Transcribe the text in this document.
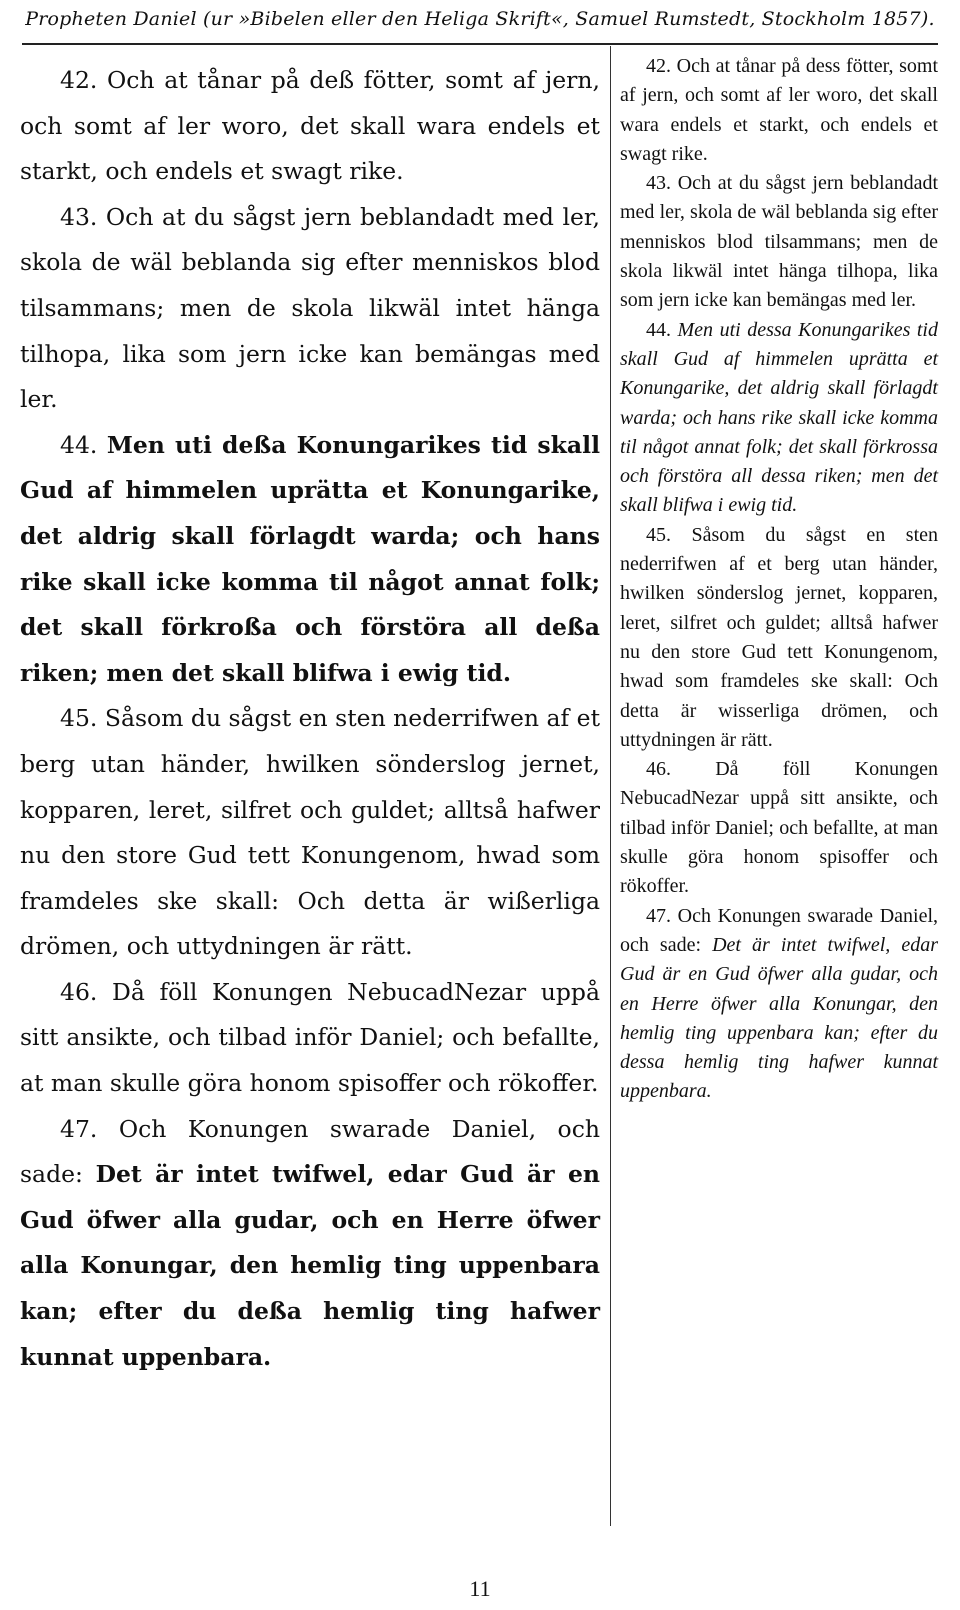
Propheten Daniel (ur »Bibelen eller den Heliga Skrift«, Samuel Rumstedt, Stockholm 1857).

42. Och at tånar på deß fötter, somt af jern, och somt af ler woro, det skall wara endels et starkt, och endels et swagt rike.

43. Och at du sågst jern beblandadt med ler, skola de wäl beblanda sig efter menniskos blod tilsammans; men de skola likwäl intet hänga tilhopa, lika som jern icke kan bemängas med ler.

44. Men uti deßa Konungarikes tid skall Gud af himmelen uprätta et Konungarike, det aldrig skall förlagdt warda; och hans rike skall icke komma til något annat folk; det skall förkroßa och förstöra all deßa riken; men det skall blifwa i ewig tid.

45. Såsom du sågst en sten nederrifwen af et berg utan händer, hwilken sönderslog jernet, kopparen, leret, silfret och guldet; alltså hafwer nu den store Gud tett Konungenom, hwad som framdeles ske skall: Och detta är wißerliga drömen, och uttydningen är rätt.

46. Då föll Konungen NebucadNezar uppå sitt ansikte, och tilbad inför Daniel; och befallte, at man skulle göra honom spisoffer och rökoffer.

47. Och Konungen swarade Daniel, och sade: Det är intet twifwel, edar Gud är en Gud öfwer alla gudar, och en Herre öfwer alla Konungar, den hemlig ting uppenbara kan; efter du deßa hemlig ting hafwer kunnat uppenbara.

42. Och at tånar på dess fötter, somt af jern, och somt af ler woro, det skall wara endels et starkt, och endels et swagt rike.

43. Och at du sågst jern beblandadt med ler, skola de wäl beblanda sig efter menniskos blod tilsammans; men de skola likwäl intet hänga tilhopa, lika som jern icke kan bemängas med ler.

44. Men uti dessa Konungarikes tid skall Gud af himmelen uprätta et Konungarike, det aldrig skall förlagdt warda; och hans rike skall icke komma til något annat folk; det skall förkrossa och förstöra all dessa riken; men det skall blifwa i ewig tid.

45. Såsom du sågst en sten nederrifwen af et berg utan händer, hwilken sönderslog jernet, kopparen, leret, silfret och guldet; alltså hafwer nu den store Gud tett Konungenom, hwad som framdeles ske skall: Och detta är wisserliga drömen, och uttydningen är rätt.

46. Då föll Konungen NebucadNezar uppå sitt ansikte, och tilbad inför Daniel; och befallte, at man skulle göra honom spisoffer och rökoffer.

47. Och Konungen swarade Daniel, och sade: Det är intet twifwel, edar Gud är en Gud öfwer alla gudar, och en Herre öfwer alla Konungar, den hemlig ting uppenbara kan; efter du dessa hemlig ting hafwer kunnat uppenbara.

11
